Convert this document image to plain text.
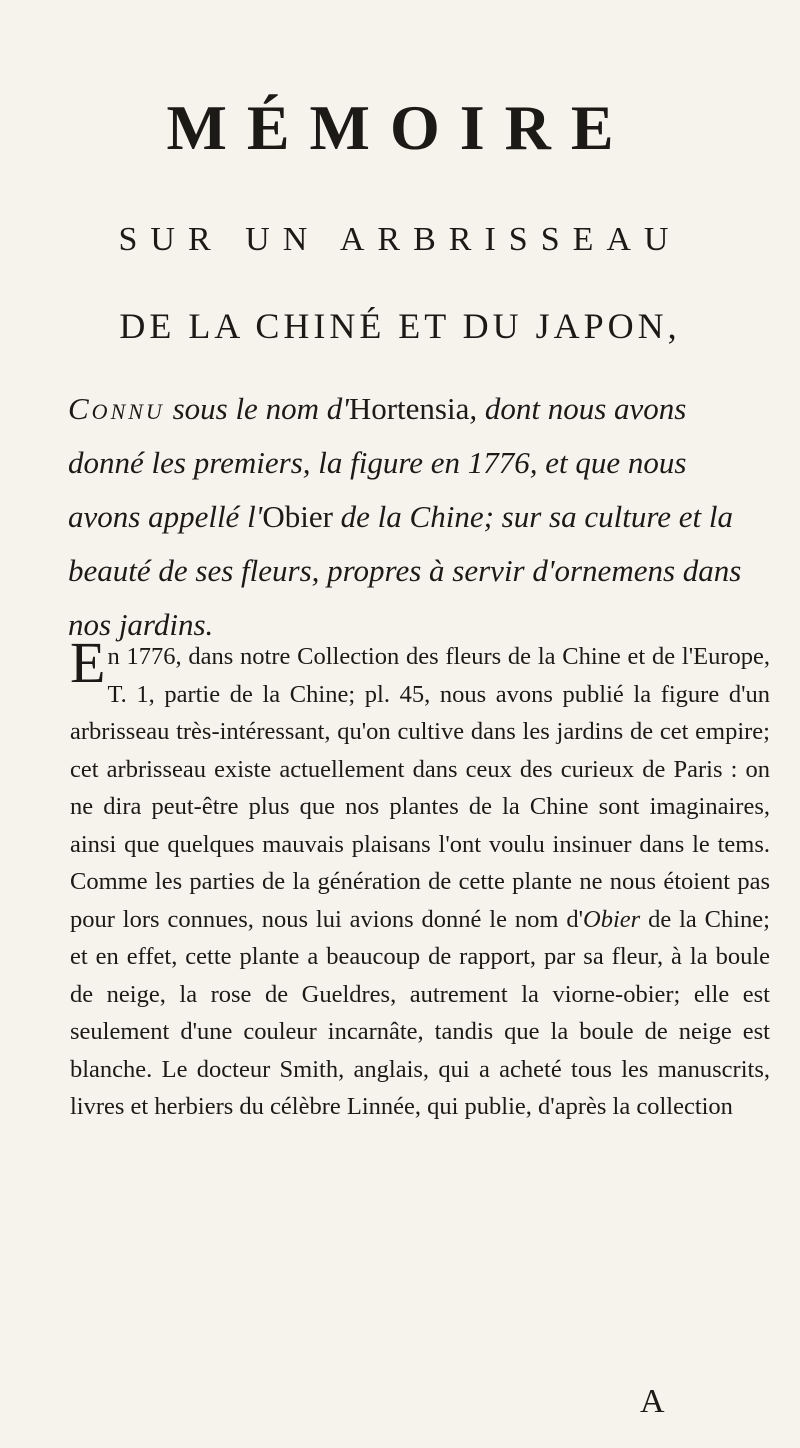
MÉMOIRE
SUR UN ARBRISSEAU
DE LA CHINÉ ET DU JAPON,
Connu sous le nom d'Hortensia, dont nous avons donné les premiers, la figure en 1776, et que nous avons appellé l'Obier de la Chine; sur sa culture et la beauté de ses fleurs, propres à servir d'ornemens dans nos jardins.
En 1776, dans notre Collection des fleurs de la Chine et de l'Europe, T. 1, partie de la Chine; pl. 45, nous avons publié la figure d'un arbrisseau très-intéressant, qu'on cultive dans les jardins de cet empire; cet arbrisseau existe actuellement dans ceux des curieux de Paris : on ne dira peut-être plus que nos plantes de la Chine sont imaginaires, ainsi que quelques mauvais plaisans l'ont voulu insinuer dans le tems. Comme les parties de la génération de cette plante ne nous étoient pas pour lors connues, nous lui avions donné le nom d'Obier de la Chine; et en effet, cette plante a beaucoup de rapport, par sa fleur, à la boule de neige, la rose de Gueldres, autrement la viorne-obier; elle est seulement d'une couleur incarnâte, tandis que la boule de neige est blanche. Le docteur Smith, anglais, qui a acheté tous les manuscrits, livres et herbiers du célèbre Linnée, qui publie, d'après la collection
A
